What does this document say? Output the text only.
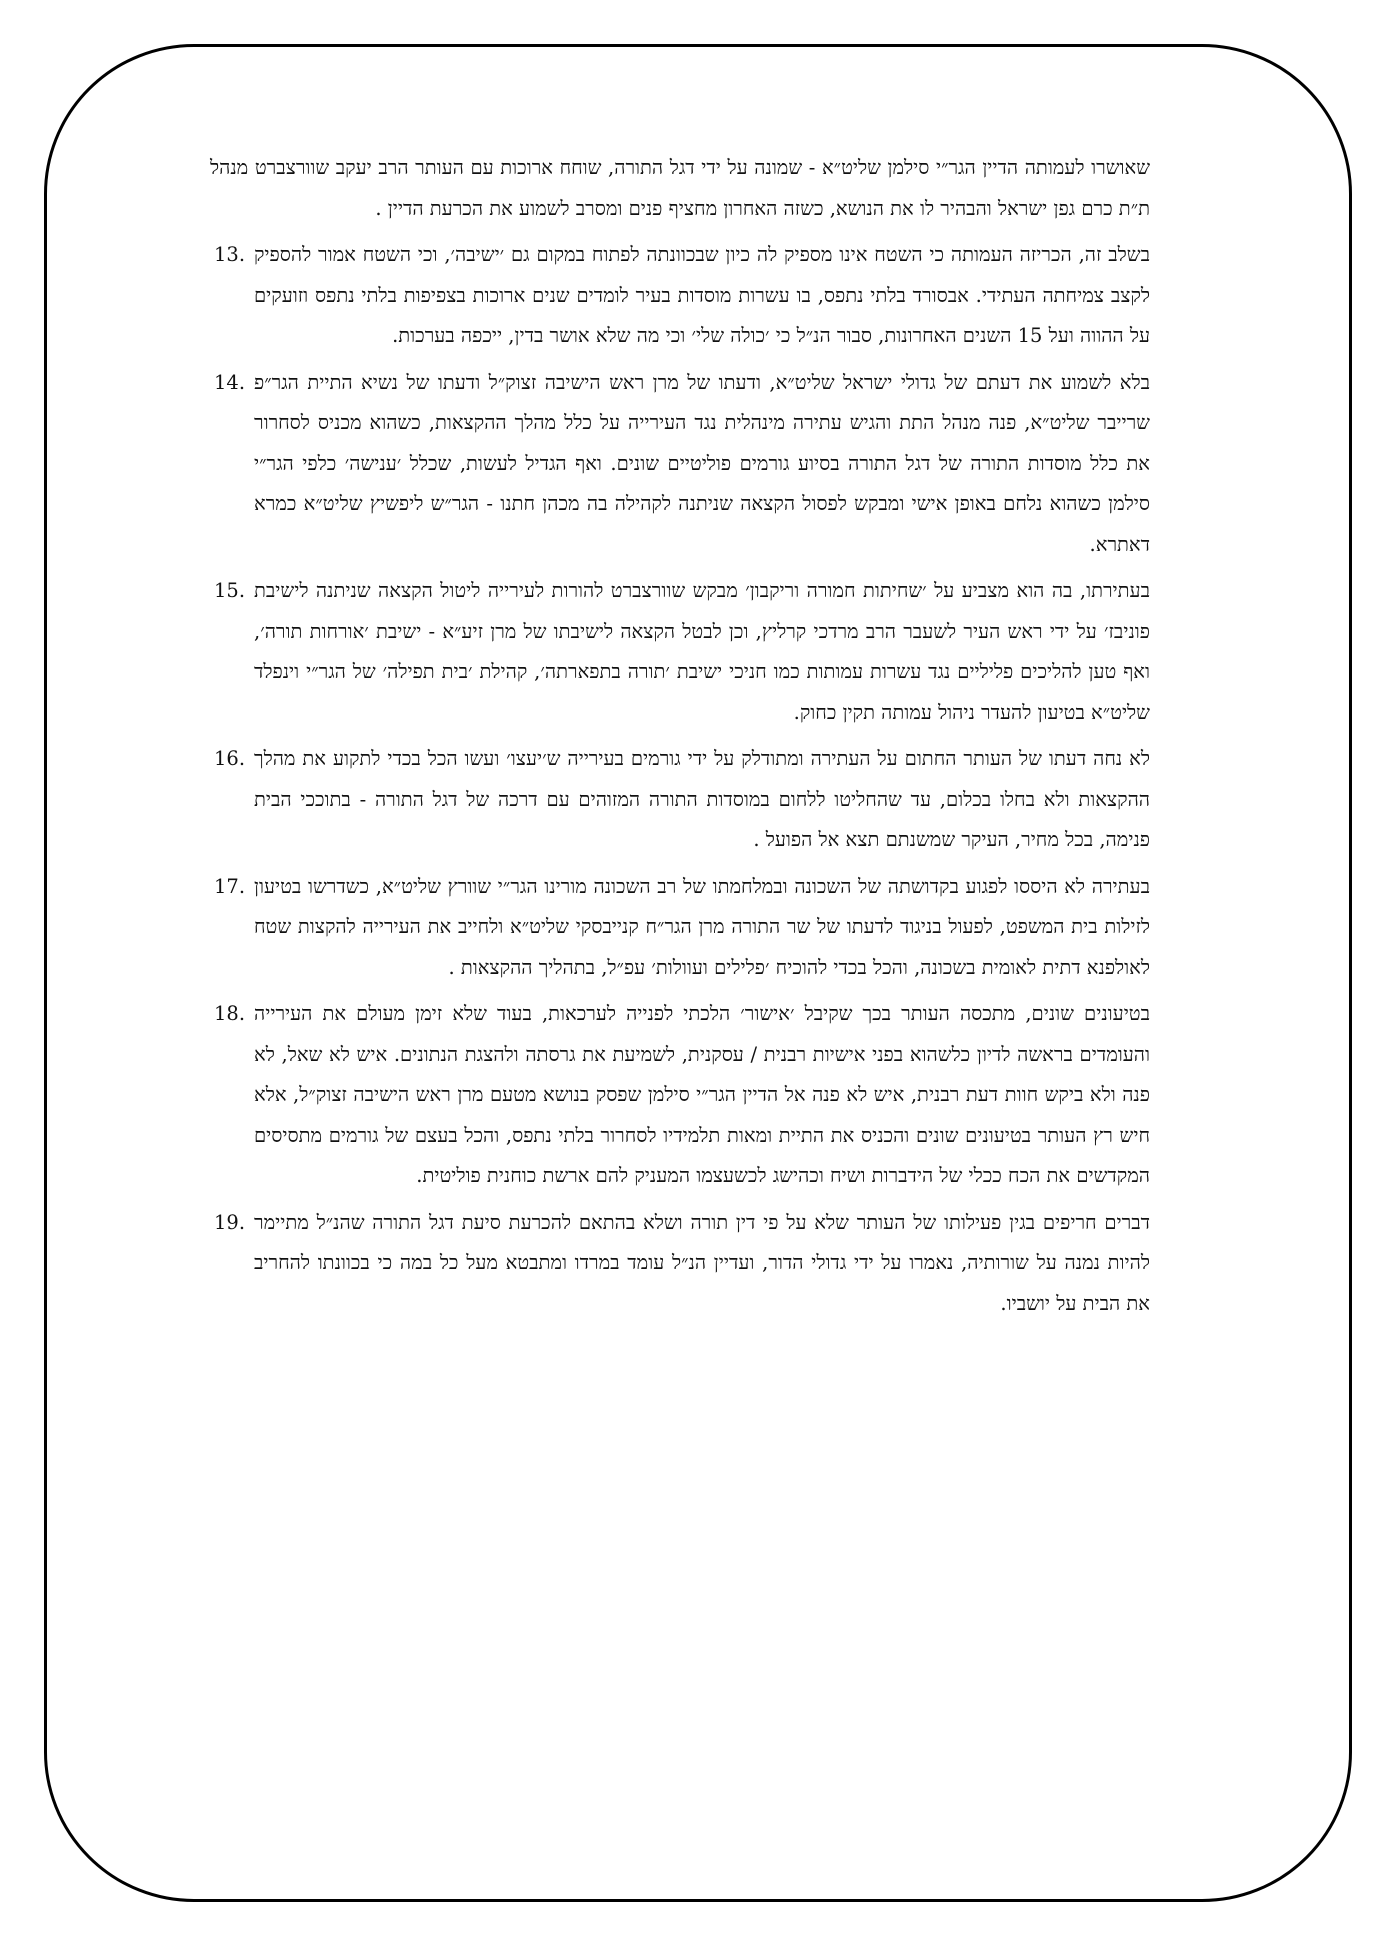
שאושרו לעמותה הדיין הגר״י סילמן שליט״א - שמונה על ידי דגל התורה, שוחח ארוכות עם העותר הרב יעקב שוורצברט מנהל ת״ת כרם גפן ישראל והבהיר לו את הנושא, כשזה האחרון מחציף פנים ומסרב לשמוע את הכרעת הדיין .
בשלב זה, הכריזה העמותה כי השטח אינו מספיק לה כיון שבכוונתה לפתוח במקום גם ׳ישיבה׳, וכי השטח אמור להספיק לקצב צמיחתה העתידי. אבסורד בלתי נתפס, בו עשרות מוסדות בעיר לומדים שנים ארוכות בצפיפות בלתי נתפס וזועקים על ההווה ועל 15 השנים האחרונות, סבור הנ״ל כי ׳כולה שלי׳ וכי מה שלא אושר בדין, ייכפה בערכות.
13.
בלא לשמוע את דעתם של גדולי ישראל שליט״א, ודעתו של מרן ראש הישיבה זצוק״ל ודעתו של נשיא התיית הגר״פ שרייבר שליט״א, פנה מנהל התת והגיש עתירה מינהלית נגד העירייה על כלל מהלך ההקצאות, כשהוא מכניס לסחרור את כלל מוסדות התורה של דגל התורה בסיוע גורמים פוליטיים שונים. ואף הגדיל לעשות, שכלל ׳ענישה׳ כלפי הגר״י סילמן כשהוא נלחם באופן אישי ומבקש לפסול הקצאה שניתנה לקהילה בה מכהן חתנו - הגר״ש ליפשיץ שליט״א כמרא דאתרא.
14.
בעתירתו, בה הוא מצביע על ׳שחיתות חמורה וריקבון׳ מבקש שוורצברט להורות לעירייה ליטול הקצאה שניתנה לישיבת פוניבז׳ על ידי ראש העיר לשעבר הרב מרדכי קרליץ, וכן לבטל הקצאה לישיבתו של מרן זיע״א - ישיבת ׳אורחות תורה׳, ואף טען להליכים פליליים נגד עשרות עמותות כמו חניכי ישיבת ׳תורה בתפארתה׳, קהילת ׳בית תפילה׳ של הגר״י וינפלד שליט״א בטיעון להעדר ניהול עמותה תקין כחוק.
15.
לא נחה דעתו של העותר החתום על העתירה ומתודלק על ידי גורמים בעירייה ש׳יעצו׳ ועשו הכל בכדי לתקוע את מהלך ההקצאות ולא בחלו בכלום, עד שהחליטו ללחום במוסדות התורה המזוהים עם דרכה של דגל התורה - בתוככי הבית פנימה, בכל מחיר, העיקר שמשנתם תצא אל הפועל .
16.
בעתירה לא היססו לפגוע בקדושתה של השכונה ובמלחמתו של רב השכונה מורינו הגר״י שוורץ שליט״א, כשדרשו בטיעון לזילות בית המשפט, לפעול בניגוד לדעתו של שר התורה מרן הגר״ח קנייבסקי שליט״א ולחייב את העירייה להקצות שטח לאולפנא דתית לאומית בשכונה, והכל בכדי להוכיח ׳פלילים ועוולות׳ עפ״ל, בתהליך ההקצאות .
17.
בטיעונים שונים, מתכסה העותר בכך שקיבל ׳אישור׳ הלכתי לפנייה לערכאות, בעוד שלא זימן מעולם את העירייה והעומדים בראשה לדיון כלשהוא בפני אישיות רבנית / עסקנית, לשמיעת את גרסתה ולהצגת הנתונים. איש לא שאל, לא פנה ולא ביקש חוות דעת רבנית, איש לא פנה אל הדיין הגר״י סילמן שפסק בנושא מטעם מרן ראש הישיבה זצוק״ל, אלא חיש רץ העותר בטיעונים שונים והכניס את התיית ומאות תלמידיו לסחרור בלתי נתפס, והכל בעצם של גורמים מתסיסים המקדשים את הכח ככלי של הידברות ושיח וכהישג לכשעצמו המעניק להם ארשת כוחנית פוליטית.
18.
דברים חריפים בגין פעילותו של העותר שלא על פי דין תורה ושלא בהתאם להכרעת סיעת דגל התורה שהנ״ל מתיימר להיות נמנה על שורותיה, נאמרו על ידי גדולי הדור, ועדיין הנ״ל עומד במרדו ומתבטא מעל כל במה כי בכוונתו להחריב את הבית על יושביו.
19.
